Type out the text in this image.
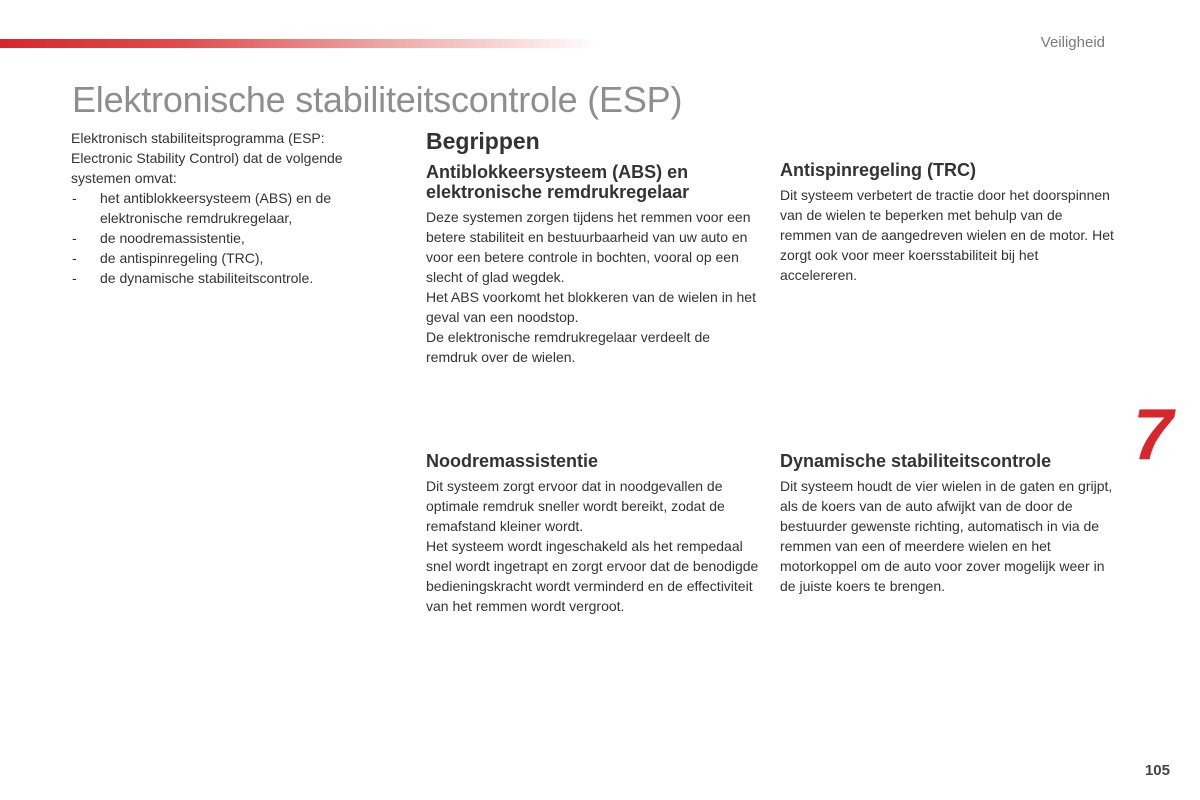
Veiligheid
Elektronische stabiliteitscontrole (ESP)

Elektronisch stabiliteitsprogramma (ESP: Electronic Stability Control) dat de volgende systemen omvat:

- het antiblokkeersysteem (ABS) en de elektronische remdrukregelaar,
- de noodremassistentie,
- de antispinregeling (TRC),
- de dynamische stabiliteitscontrole.
Begrippen
Antiblokkeersysteem (ABS) en elektronische remdrukregelaar

Deze systemen zorgen tijdens het remmen voor een betere stabiliteit en bestuurbaarheid van uw auto en voor een betere controle in bochten, vooral op een slecht of glad wegdek.

Het ABS voorkomt het blokkeren van de wielen in het geval van een noodstop.

De elektronische remdrukregelaar verdeelt de remdruk over de wielen.

Antispinregeling (TRC)

Dit systeem verbetert de tractie door het doorspinnen van de wielen te beperken met behulp van de remmen van de aangedreven wielen en de motor. Het zorgt ook voor meer koersstabiliteit bij het accelereren.

Noodremassistentie

Dit systeem zorgt ervoor dat in noodgevallen de optimale remdruk sneller wordt bereikt, zodat de remafstand kleiner wordt.

Het systeem wordt ingeschakeld als het rempedaal snel wordt ingetrapt en zorgt ervoor dat de benodigde bedieningskracht wordt verminderd en de effectiviteit van het remmen wordt vergroot.

Dynamische stabiliteitscontrole

Dit systeem houdt de vier wielen in de gaten en grijpt, als de koers van de auto afwijkt van de door de bestuurder gewenste richting, automatisch in via de remmen van een of meerdere wielen en het motorkoppel om de auto voor zover mogelijk weer in de juiste koers te brengen.

7
105
